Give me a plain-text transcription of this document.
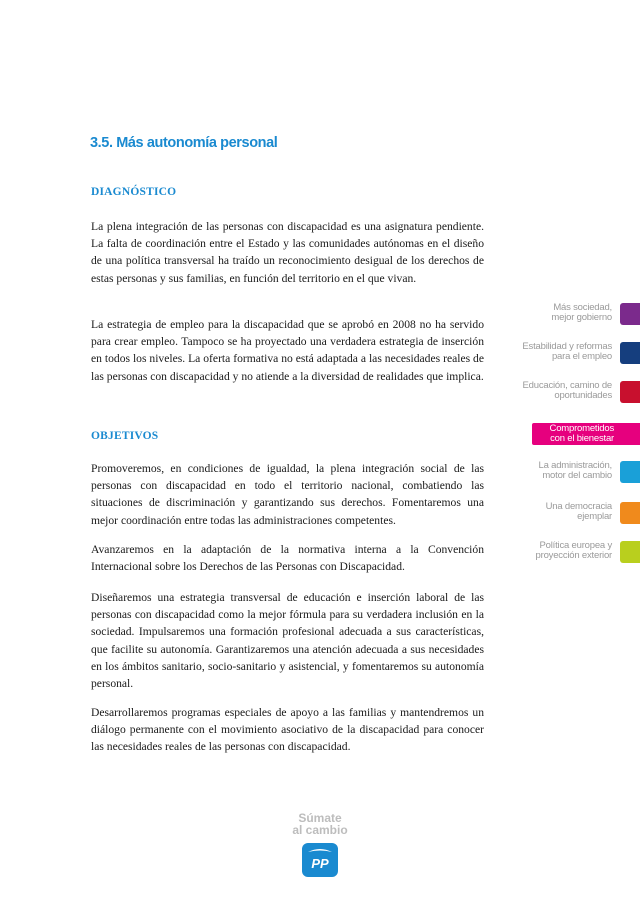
3.5. Más autonomía personal
DIAGNÓSTICO

La plena integración de las personas con discapacidad es una asignatura pendiente. La falta de coordinación entre el Estado y las comunidades autónomas en el diseño de una política transversal ha traído un reconocimiento desigual de los derechos de estas personas y sus familias, en función del territorio en el que vivan.

La estrategia de empleo para la discapacidad que se aprobó en 2008 no ha servido para crear empleo. Tampoco se ha proyectado una verdadera estrategia de inserción en todos los niveles. La oferta formativa no está adaptada a las necesidades reales de las personas con discapacidad y no atiende a la diversidad de realidades que implica.

OBJETIVOS

Promoveremos, en condiciones de igualdad, la plena integración social de las personas con discapacidad en todo el territorio nacional, combatiendo las situaciones de discriminación y garantizando sus derechos. Fomentaremos una mejor coordinación entre todas las administraciones competentes.

Avanzaremos en la adaptación de la normativa interna a la Convención Internacional sobre los Derechos de las Personas con Discapacidad.

Diseñaremos una estrategia transversal de educación e inserción laboral de las personas con discapacidad como la mejor fórmula para su verdadera inclusión en la sociedad. Impulsaremos una formación profesional adecuada a sus características, que facilite su autonomía. Garantizaremos una atención adecuada a sus necesidades en los ámbitos sanitario, socio-sanitario y asistencial, y fomentaremos su autonomía personal.

Desarrollaremos programas especiales de apoyo a las familias y mantendremos un diálogo permanente con el movimiento asociativo de la discapacidad para conocer las necesidades reales de las personas con discapacidad.

Más sociedad,
mejor gobierno
Estabilidad y reformas
para el empleo
Educación, camino de
oportunidades
Comprometidos
con el bienestar
La administración,
motor del cambio
Una democracia
ejemplar
Política europea y
proyección exterior
Súmate
al cambio
PP
